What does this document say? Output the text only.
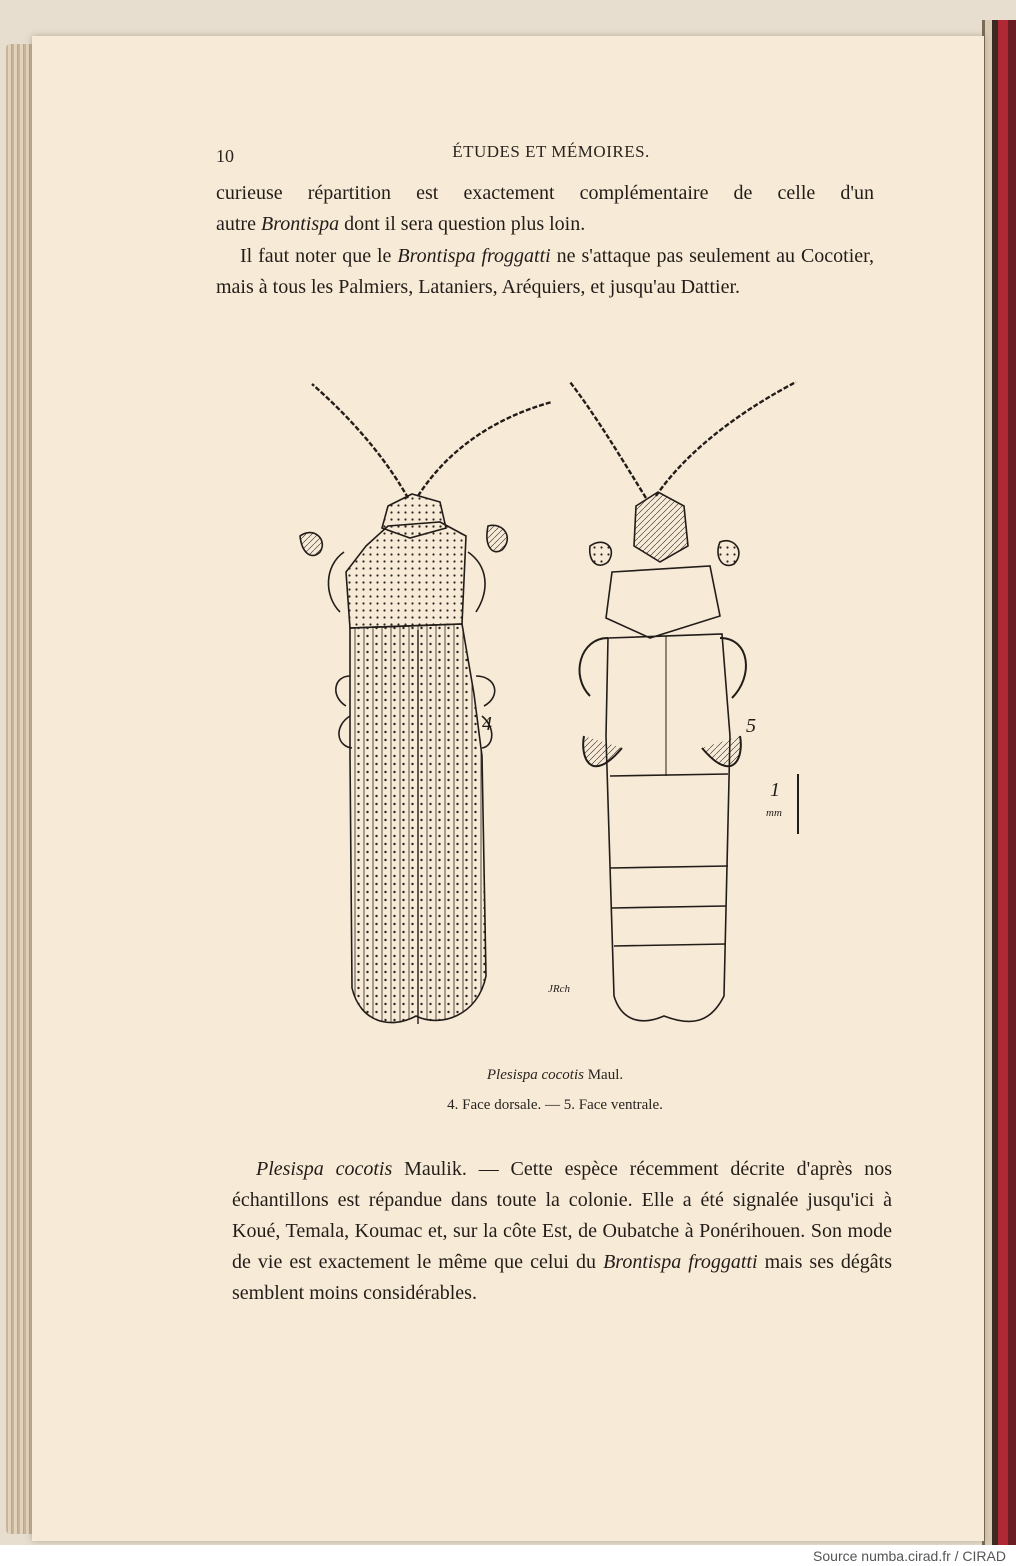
10	ÉTUDES ET MÉMOIRES.

curieuse répartition est exactement complémentaire de celle d'un

autre Brontispa dont il sera question plus loin.

Il faut noter que le Brontispa froggatti ne s'attaque pas seulement au Cocotier, mais à tous les Palmiers, Lataniers, Aréquiers, et jusqu'au Dattier.

4	5
1
mm
JRch
Plesispa cocotis Maul.
4. Face dorsale. — 5. Face ventrale.

Plesispa cocotis Maulik. — Cette espèce récemment décrite d'après nos échantillons est répandue dans toute la colonie. Elle a été signalée jusqu'ici à Koué, Temala, Koumac et, sur la côte Est, de Oubatche à Ponérihouen. Son mode de vie est exactement le même que celui du Brontispa froggatti mais ses dégâts semblent moins considérables.

Source numba.cirad.fr / CIRAD
